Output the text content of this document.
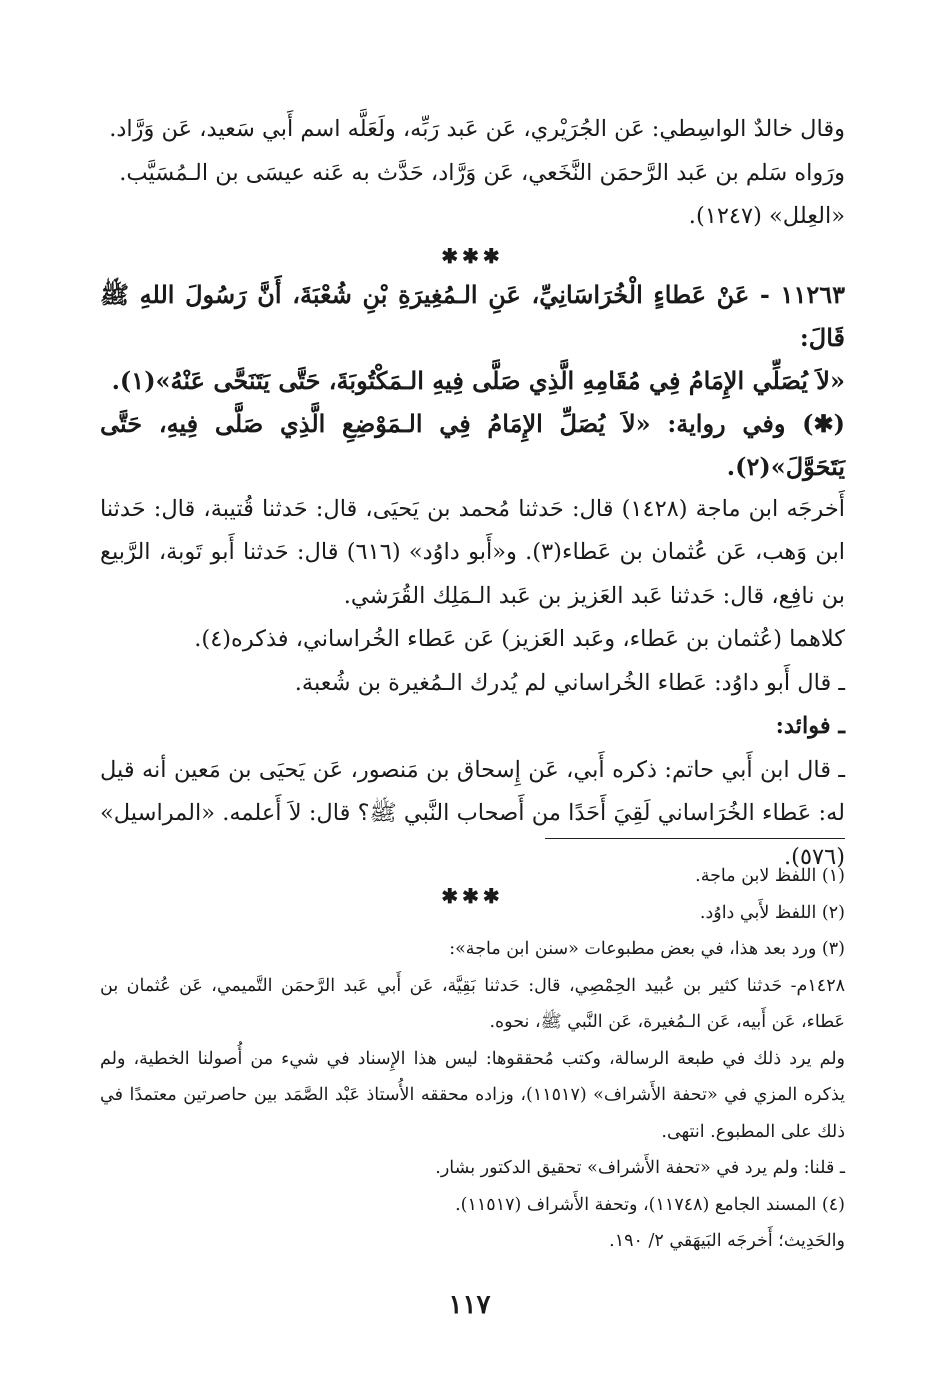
وقال خالدٌ الواسِطي: عَن الجُرَيْري، عَن عَبد رَبِّه، ولَعَلَّه اسم أَبي سَعيد، عَن وَرَّاد.

ورَواه سَلم بن عَبد الرَّحمَن النَّخَعي، عَن وَرَّاد، حَدَّث به عَنه عيسَى بن الـمُسَيَّب.

«العِلل» (١٢٤٧).

✱✱✱

١١٢٦٣ - عَنْ عَطاءٍ الْخُرَاسَانِيِّ، عَنِ الـمُغِيرَةِ بْنِ شُعْبَةَ، أَنَّ رَسُولَ اللهِ ﷺ قَالَ:

«لاَ يُصَلِّي الإِمَامُ فِي مُقَامِهِ الَّذِي صَلَّى فِيهِ الـمَكْتُوبَةَ، حَتَّى يَتَنَحَّى عَنْهُ»(١).

(✱) وفي رواية: «لاَ يُصَلِّ الإِمَامُ فِي الـمَوْضِعِ الَّذِي صَلَّى فِيهِ، حَتَّى يَتَحَوَّلَ»(٢).

أَخرجَه ابن ماجة (١٤٢٨) قال: حَدثنا مُحمد بن يَحيَى، قال: حَدثنا قُتيبة، قال: حَدثنا ابن وَهب، عَن عُثمان بن عَطاء(٣). و«أَبو داوُد» (٦١٦) قال: حَدثنا أَبو تَوبة، الرَّبيع بن نافِع، قال: حَدثنا عَبد العَزيز بن عَبد الـمَلِك القُرَشي.

كلاهما (عُثمان بن عَطاء، وعَبد العَزيز) عَن عَطاء الخُراساني، فذكره(٤).

ـ قال أَبو داوُد: عَطاء الخُراساني لم يُدرك الـمُغيرة بن شُعبة.

ـ فوائد:

ـ قال ابن أَبي حاتم: ذكره أَبي، عَن إِسحاق بن مَنصور، عَن يَحيَى بن مَعين أنه قيل له: عَطاء الخُرَاساني لَقِيَ أَحَدًا من أَصحاب النَّبي ﷺ؟ قال: لاَ أَعلمه. «المراسيل» (٥٧٦).

✱✱✱

(١) اللفظ لابن ماجة.

(٢) اللفظ لأَبي داوُد.

(٣) ورد بعد هذا، في بعض مطبوعات «سنن ابن ماجة»:

١٤٢٨م- حَدثنا كثير بن عُبيد الحِمْصِي، قال: حَدثنا بَقِيَّة، عَن أَبي عَبد الرَّحمَن التَّميمي، عَن عُثمان بن عَطاء، عَن أَبيه، عَن الـمُغيرة، عَن النَّبي ﷺ، نحوه.

ولم يرد ذلك في طبعة الرسالة، وكتب مُحققوها: ليس هذا الإِسناد في شيء من أُصولنا الخطية، ولم يذكره المزي في «تحفة الأَشراف» (١١٥١٧)، وزاده محققه الأُستاذ عَبْد الصَّمَد بين حاصرتين معتمدًا في ذلك على المطبوع. انتهى.

ـ قلنا: ولم يرد في «تحفة الأَشراف» تحقيق الدكتور بشار.

(٤) المسند الجامع (١١٧٤٨)، وتحفة الأَشراف (١١٥١٧).

والحَدِيث؛ أَخرجَه البَيهَقي ٢/ ١٩٠.

١١٧
